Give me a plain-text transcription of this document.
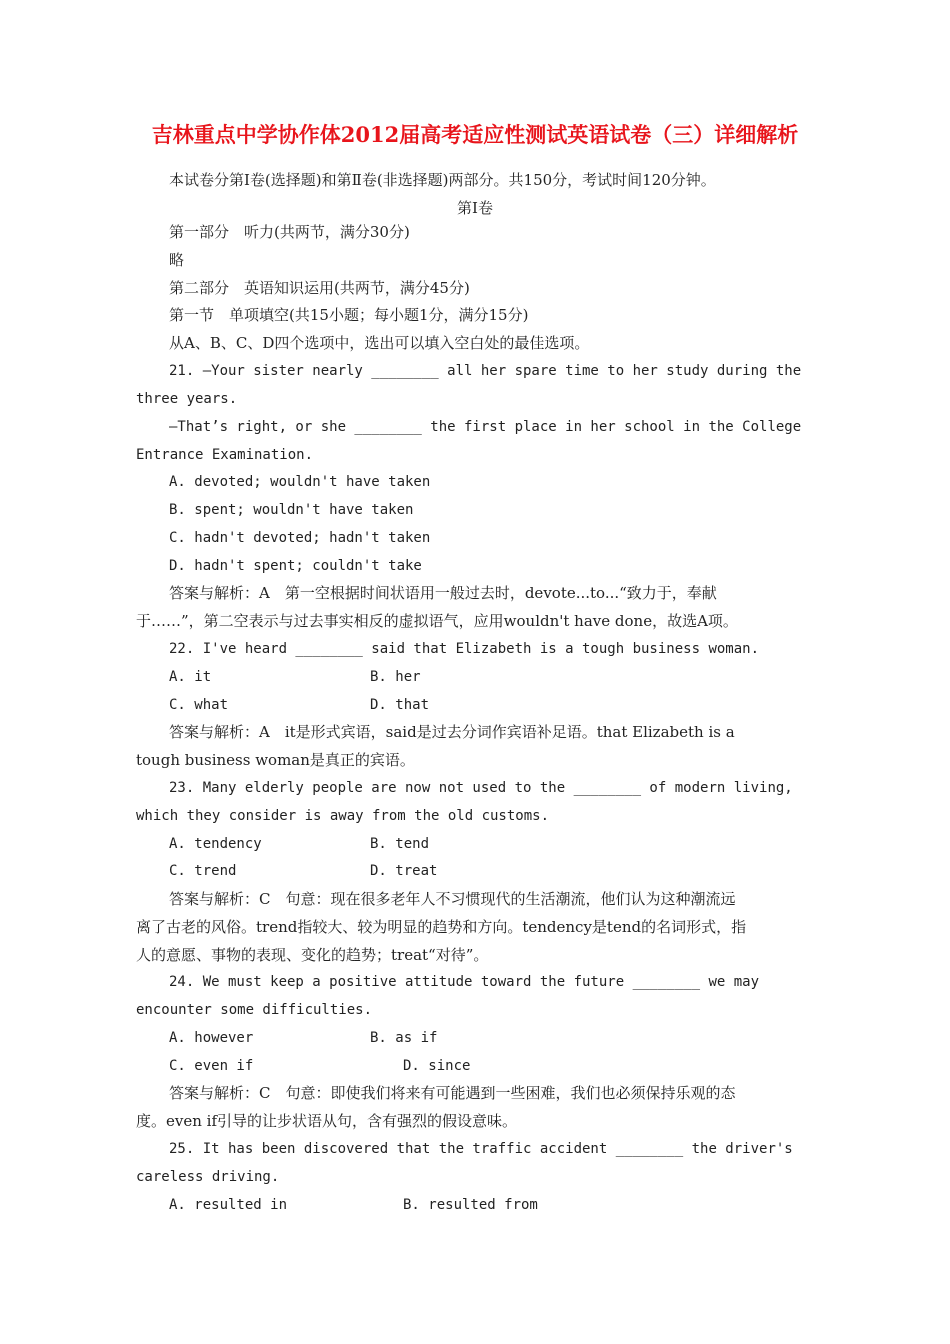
吉林重点中学协作体2012届高考适应性测试英语试卷（三）详细解析
本试卷分第Ⅰ卷(选择题)和第Ⅱ卷(非选择题)两部分。共150分，考试时间120分钟。
第Ⅰ卷
第一部分　听力(共两节，满分30分)
略
第二部分　英语知识运用(共两节，满分45分)
第一节　单项填空(共15小题；每小题1分，满分15分)
从A、B、C、D四个选项中，选出可以填入空白处的最佳选项。
21. —Your sister nearly ________ all her spare time to her study during the
three years.
—That’s right, or she ________ the first place in her school in the College
Entrance Examination.
A. devoted; wouldn't have taken
B. spent; wouldn't have taken
C. hadn't devoted; hadn't taken
D. hadn't spent; couldn't take
答案与解析：A　第一空根据时间状语用一般过去时，devote...to...“致力于，奉献
于……”，第二空表示与过去事实相反的虚拟语气，应用wouldn't have done，故选A项。
22. I've heard ________ said that Elizabeth is a tough business woman.
A. it	B. her
C. what	D. that
答案与解析：A　it是形式宾语，said是过去分词作宾语补足语。that Elizabeth is a
tough business woman是真正的宾语。
23. Many elderly people are now not used to the ________ of modern living,
which they consider is away from the old customs.
A. tendency	B. tend
C. trend	D. treat
答案与解析：C　句意：现在很多老年人不习惯现代的生活潮流，他们认为这种潮流远
离了古老的风俗。trend指较大、较为明显的趋势和方向。tendency是tend的名词形式，指
人的意愿、事物的表现、变化的趋势；treat“对待”。
24. We must keep a positive attitude toward the future ________ we may
encounter some difficulties.
A. however	B. as if
C. even if	D. since
答案与解析：C　句意：即使我们将来有可能遇到一些困难，我们也必须保持乐观的态
度。even if引导的让步状语从句，含有强烈的假设意味。
25. It has been discovered that the traffic accident ________ the driver's
careless driving.
A. resulted in	B. resulted from
